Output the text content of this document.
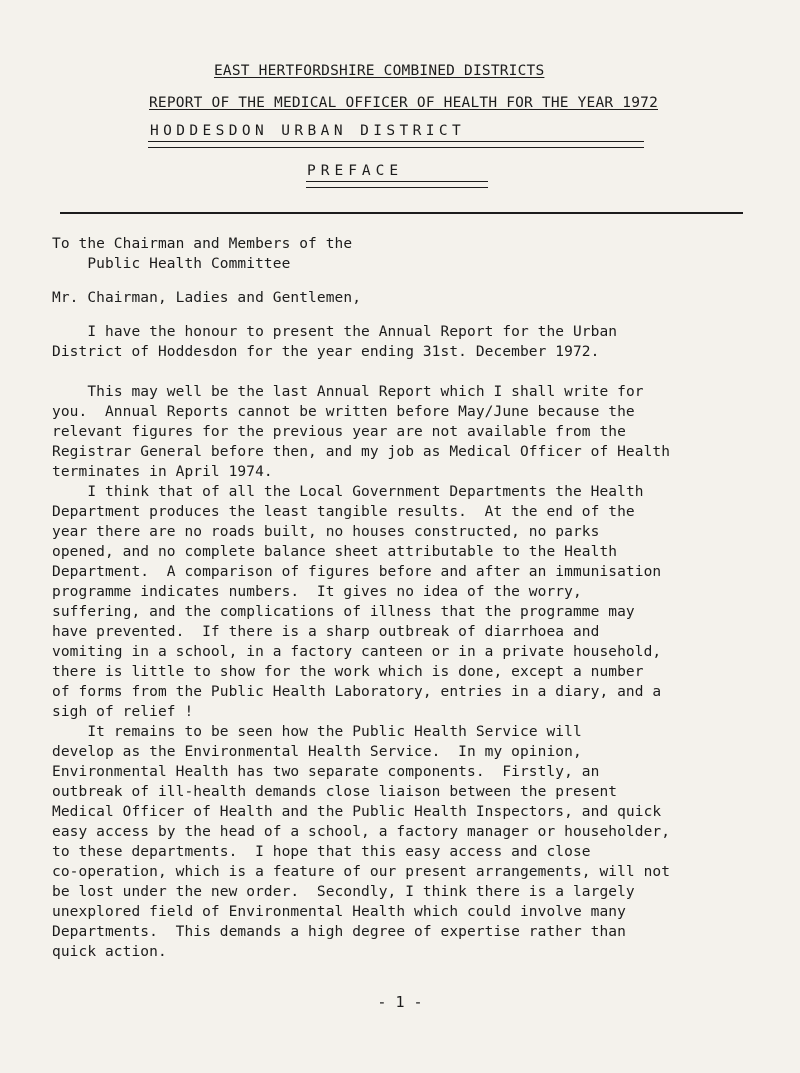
EAST HERTFORDSHIRE COMBINED DISTRICTS
REPORT OF THE MEDICAL OFFICER OF HEALTH FOR THE YEAR 1972
HODDESDON URBAN DISTRICT
PREFACE
To the Chairman and Members of the
Public Health Committee
Mr. Chairman, Ladies and Gentlemen,
I have the honour to present the Annual Report for the Urban
District of Hoddesdon for the year ending 31st. December 1972.
This may well be the last Annual Report which I shall write for
you.  Annual Reports cannot be written before May/June because the
relevant figures for the previous year are not available from the
Registrar General before then, and my job as Medical Officer of Health
terminates in April 1974.
I think that of all the Local Government Departments the Health
Department produces the least tangible results.  At the end of the
year there are no roads built, no houses constructed, no parks
opened, and no complete balance sheet attributable to the Health
Department.  A comparison of figures before and after an immunisation
programme indicates numbers.  It gives no idea of the worry,
suffering, and the complications of illness that the programme may
have prevented.  If there is a sharp outbreak of diarrhoea and
vomiting in a school, in a factory canteen or in a private household,
there is little to show for the work which is done, except a number
of forms from the Public Health Laboratory, entries in a diary, and a
sigh of relief !
It remains to be seen how the Public Health Service will
develop as the Environmental Health Service.  In my opinion,
Environmental Health has two separate components.  Firstly, an
outbreak of ill-health demands close liaison between the present
Medical Officer of Health and the Public Health Inspectors, and quick
easy access by the head of a school, a factory manager or householder,
to these departments.  I hope that this easy access and close
co-operation, which is a feature of our present arrangements, will not
be lost under the new order.  Secondly, I think there is a largely
unexplored field of Environmental Health which could involve many
Departments.  This demands a high degree of expertise rather than
quick action.
- 1 -
